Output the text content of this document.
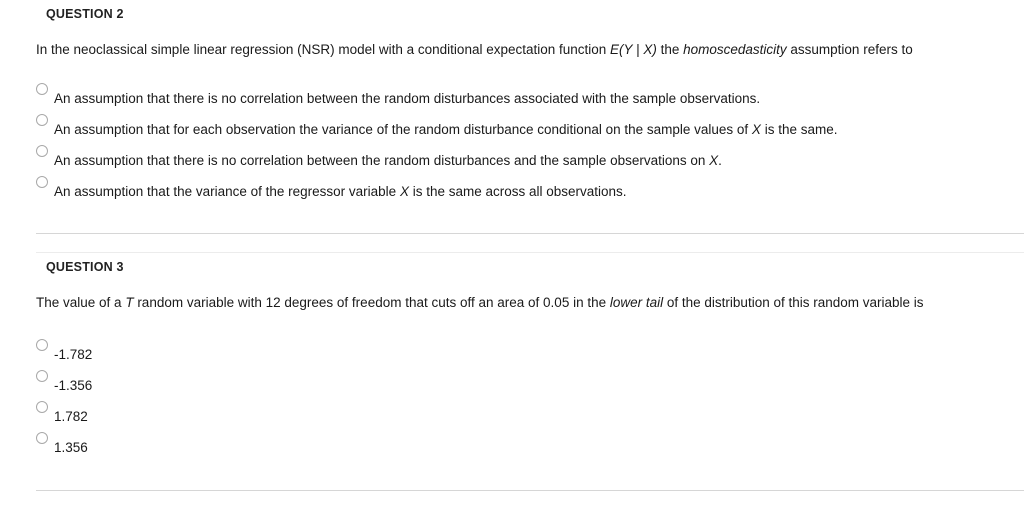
QUESTION 2
In the neoclassical simple linear regression (NSR) model with a conditional expectation function E(Y | X) the homoscedasticity assumption refers to
An assumption that there is no correlation between the random disturbances associated with the sample observations.
An assumption that for each observation the variance of the random disturbance conditional on the sample values of X is the same.
An assumption that there is no correlation between the random disturbances and the sample observations on X.
An assumption that the variance of the regressor variable X is the same across all observations.
QUESTION 3
The value of a T random variable with 12 degrees of freedom that cuts off an area of 0.05 in the lower tail of the distribution of this random variable is
-1.782
-1.356
1.782
1.356
